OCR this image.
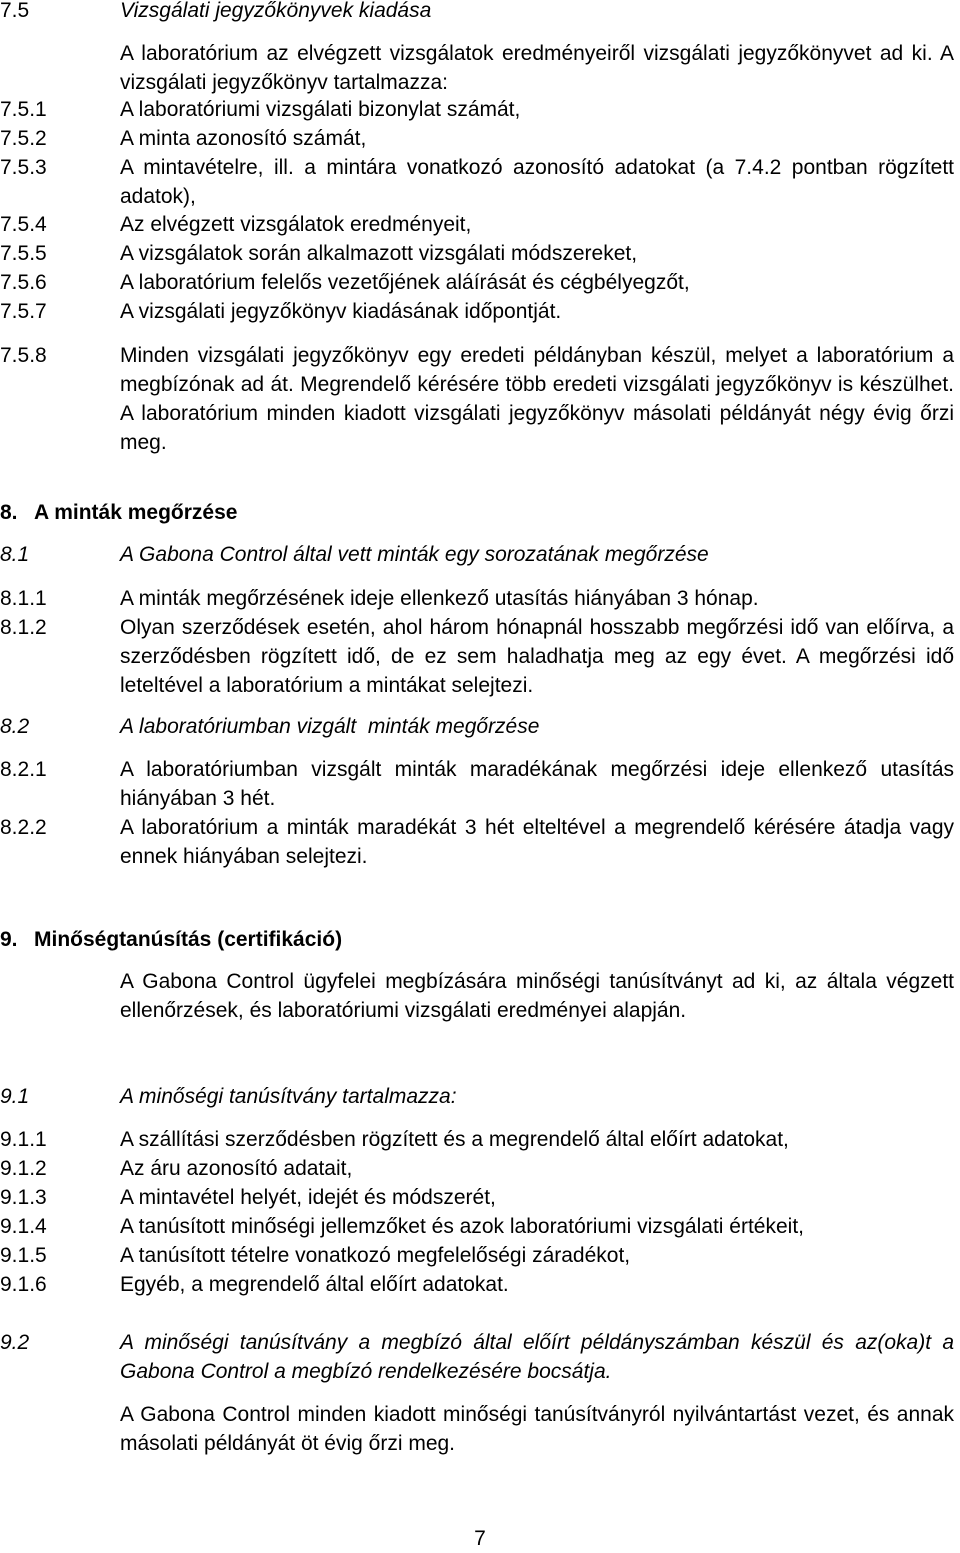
7.5	Vizsgálati jegyzőkönyvek kiadása
A laboratórium az elvégzett vizsgálatok eredményeiről vizsgálati jegyzőkönyvet ad ki. A vizsgálati jegyzőkönyv tartalmazza:
7.5.1	A laboratóriumi vizsgálati bizonylat számát,
7.5.2	A minta azonosító számát,
7.5.3	A mintavételre, ill. a mintára vonatkozó azonosító adatokat (a 7.4.2 pontban rögzített adatok),
7.5.4	Az elvégzett vizsgálatok eredményeit,
7.5.5	A vizsgálatok során alkalmazott vizsgálati módszereket,
7.5.6	A laboratórium felelős vezetőjének aláírását és cégbélyegzőt,
7.5.7	A vizsgálati jegyzőkönyv kiadásának időpontját.
7.5.8	Minden vizsgálati jegyzőkönyv egy eredeti példányban készül, melyet a laboratórium a megbízónak ad át. Megrendelő kérésére több eredeti vizsgálati jegyzőkönyv is készülhet. A laboratórium minden kiadott vizsgálati jegyzőkönyv másolati példányát négy évig őrzi meg.
8. A minták megőrzése
8.1	A Gabona Control által vett minták egy sorozatának megőrzése
8.1.1	A minták megőrzésének ideje ellenkező utasítás hiányában 3 hónap.
8.1.2	Olyan szerződések esetén, ahol három hónapnál hosszabb megőrzési idő van előírva, a szerződésben rögzített idő, de ez sem haladhatja meg az egy évet. A megőrzési idő leteltével a laboratórium a mintákat selejtezi.
8.2	A laboratóriumban vizgált  minták megőrzése
8.2.1	A laboratóriumban vizsgált minták maradékának megőrzési ideje ellenkező utasítás hiányában 3 hét.
8.2.2	A laboratórium a minták maradékát 3 hét elteltével a megrendelő kérésére átadja vagy ennek hiányában selejtezi.
9. Minőségtanúsítás (certifikáció)
A Gabona Control ügyfelei megbízására minőségi tanúsítványt ad ki, az általa végzett ellenőrzések, és laboratóriumi vizsgálati eredményei alapján.
9.1	A minőségi tanúsítvány tartalmazza:
9.1.1	A szállítási szerződésben rögzített és a megrendelő által előírt adatokat,
9.1.2	Az áru azonosító adatait,
9.1.3	A mintavétel helyét, idejét és módszerét,
9.1.4	A tanúsított minőségi jellemzőket és azok laboratóriumi vizsgálati értékeit,
9.1.5	A tanúsított tételre vonatkozó megfelelőségi záradékot,
9.1.6	Egyéb, a megrendelő által előírt adatokat.
9.2	A minőségi tanúsítvány a megbízó által előírt példányszámban készül és az(oka)t a Gabona Control a megbízó rendelkezésére bocsátja.
A Gabona Control minden kiadott minőségi tanúsítványról nyilvántartást vezet, és annak másolati példányát öt évig őrzi meg.
7
